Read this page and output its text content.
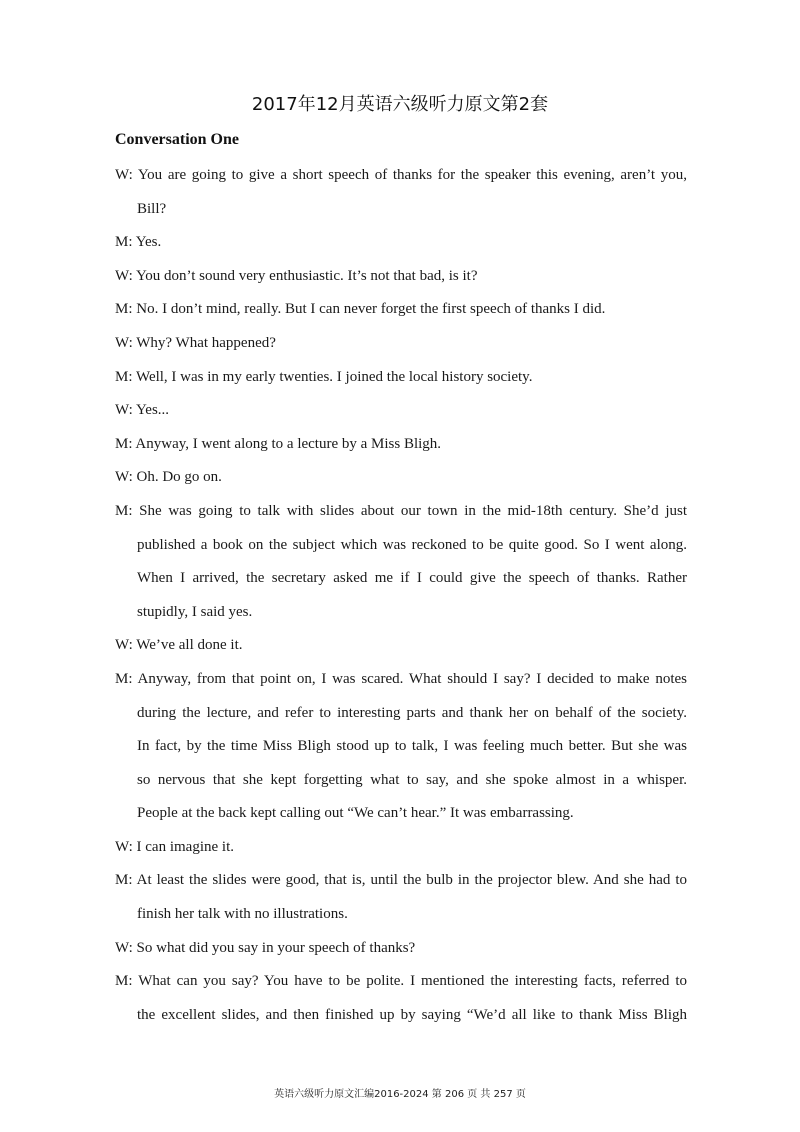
2017年12月英语六级听力原文第2套
Conversation One
W: You are going to give a short speech of thanks for the speaker this evening, aren’t you,
Bill?
M: Yes.
W: You don’t sound very enthusiastic. It’s not that bad, is it?
M: No. I don’t mind, really. But I can never forget the first speech of thanks I did.
W: Why? What happened?
M: Well, I was in my early twenties. I joined the local history society.
W: Yes...
M: Anyway, I went along to a lecture by a Miss Bligh.
W: Oh. Do go on.
M: She was going to talk with slides about our town in the mid-18th century. She’d just
published a book on the subject which was reckoned to be quite good. So I went along.
When I arrived, the secretary asked me if I could give the speech of thanks. Rather
stupidly, I said yes.
W: We’ve all done it.
M: Anyway, from that point on, I was scared. What should I say? I decided to make notes
during the lecture, and refer to interesting parts and thank her on behalf of the society.
In fact, by the time Miss Bligh stood up to talk, I was feeling much better. But she was
so nervous that she kept forgetting what to say, and she spoke almost in a whisper.
People at the back kept calling out “We can’t hear.” It was embarrassing.
W: I can imagine it.
M: At least the slides were good, that is, until the bulb in the projector blew. And she had to
finish her talk with no illustrations.
W: So what did you say in your speech of thanks?
M: What can you say? You have to be polite. I mentioned the interesting facts, referred to
the excellent slides, and then finished up by saying “We’d all like to thank Miss Bligh
英语六级听力原文汇编2016-2024 第 206 页 共 257 页
